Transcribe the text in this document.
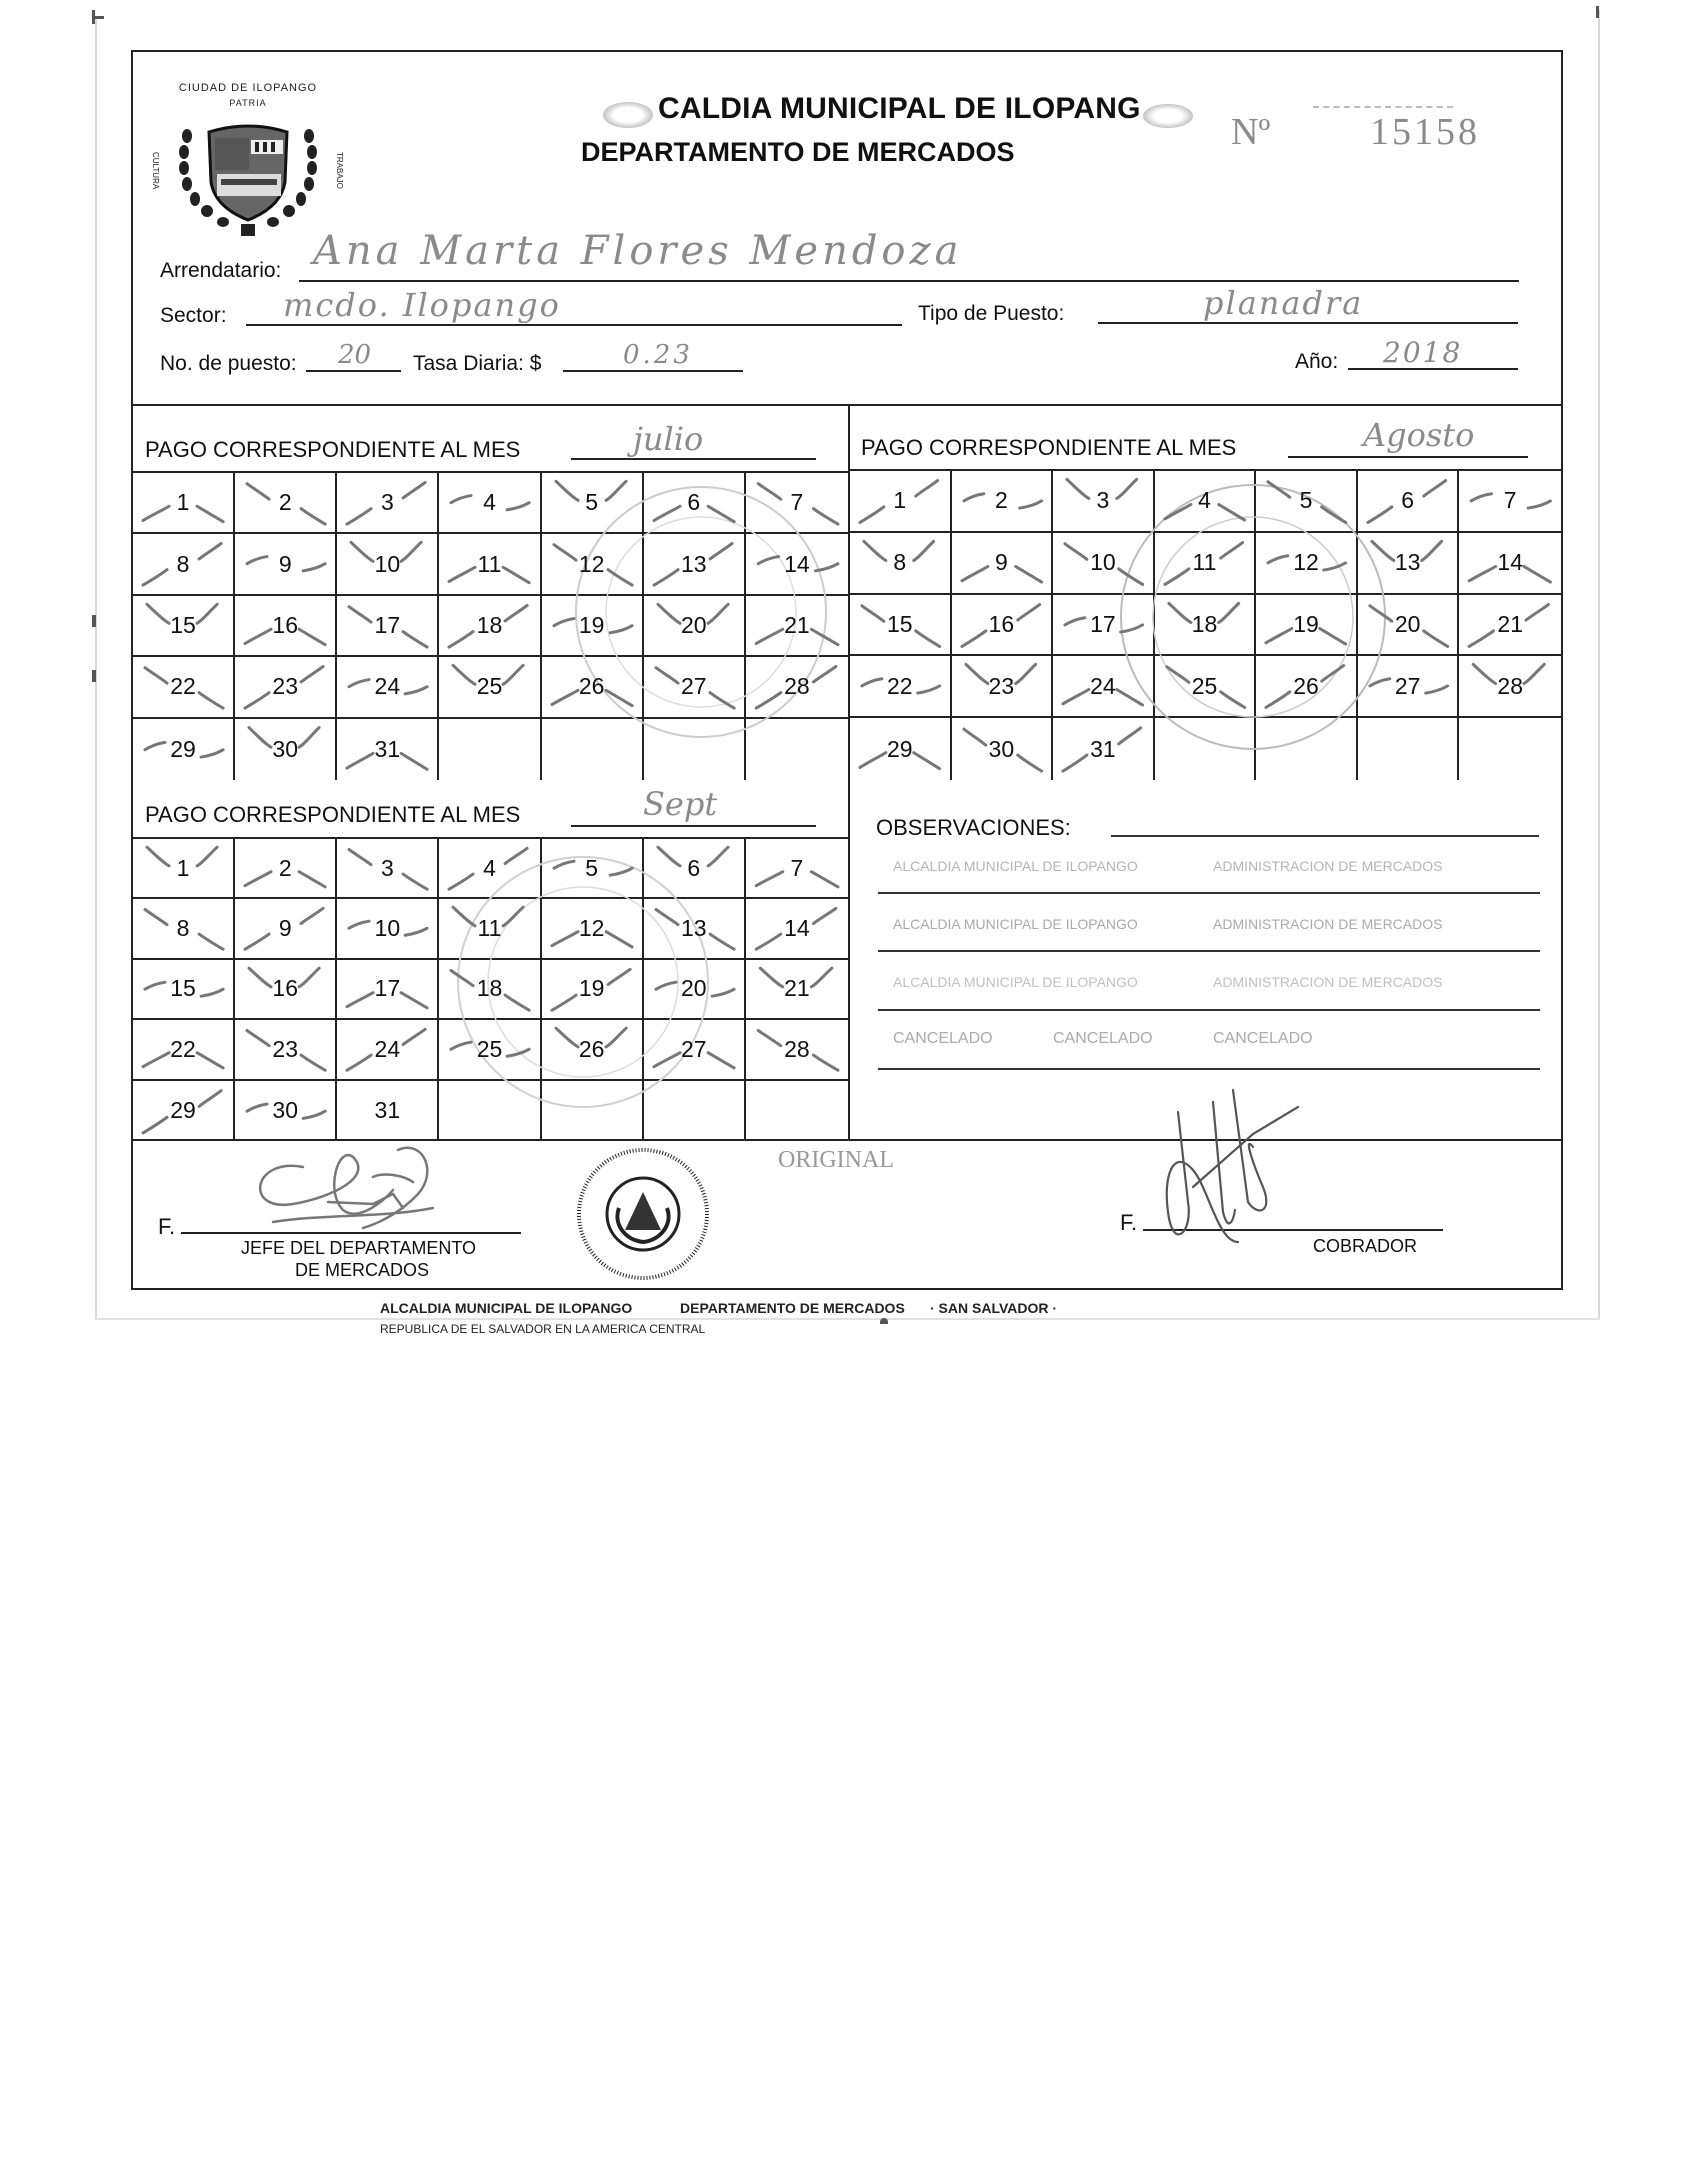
CIUDAD DE ILOPANGO
PATRIA
CULTURA	TRABAJO
CALDIA MUNICIPAL DE ILOPANG
DEPARTAMENTO DE MERCADOS	Nº	15158
Arrendatario: Ana Marta Flores Mendoza
Sector: mcdo. Ilopango	Tipo de Puesto:	planadra
No. de puesto: 20 Tasa Diaria: $	0.23	Año: 2018
PAGO CORRESPONDIENTE AL MES	julio
1	2	3	4	5	6	7
8	9	10	11	12	13	14
15	16	17	18	19	20	21
22	23	24	25	26	27	28
29	30	31
PAGO CORRESPONDIENTE AL MES	Agosto
1	2	3	4	5	6	7
8	9	10	11	12	13	14
15	16	17	18	19	20	21
22	23	24	25	26	27	28
29	30	31
PAGO CORRESPONDIENTE AL MES	Sept
1	2	3	4	5	6	7
8	9	10	11	12	13	14
15	16	17	18	19	20	21
22	23	24	25	26	27	28
29	30	31
OBSERVACIONES:
ALCALDIA MUNICIPAL DE ILOPANGO	ADMINISTRACION DE MERCADOS
ALCALDIA MUNICIPAL DE ILOPANGO	ADMINISTRACION DE MERCADOS
ALCALDIA MUNICIPAL DE ILOPANGO	ADMINISTRACION DE MERCADOS
CANCELADO	CANCELADO	CANCELADO
F.
JEFE DEL DEPARTAMENTO
DE MERCADOS
F.
COBRADOR
ORIGINAL
ALCALDIA MUNICIPAL DE ILOPANGO	DEPARTAMENTO DE MERCADOS · SAN SALVADOR ·
REPUBLICA DE EL SALVADOR EN LA AMERICA CENTRAL
